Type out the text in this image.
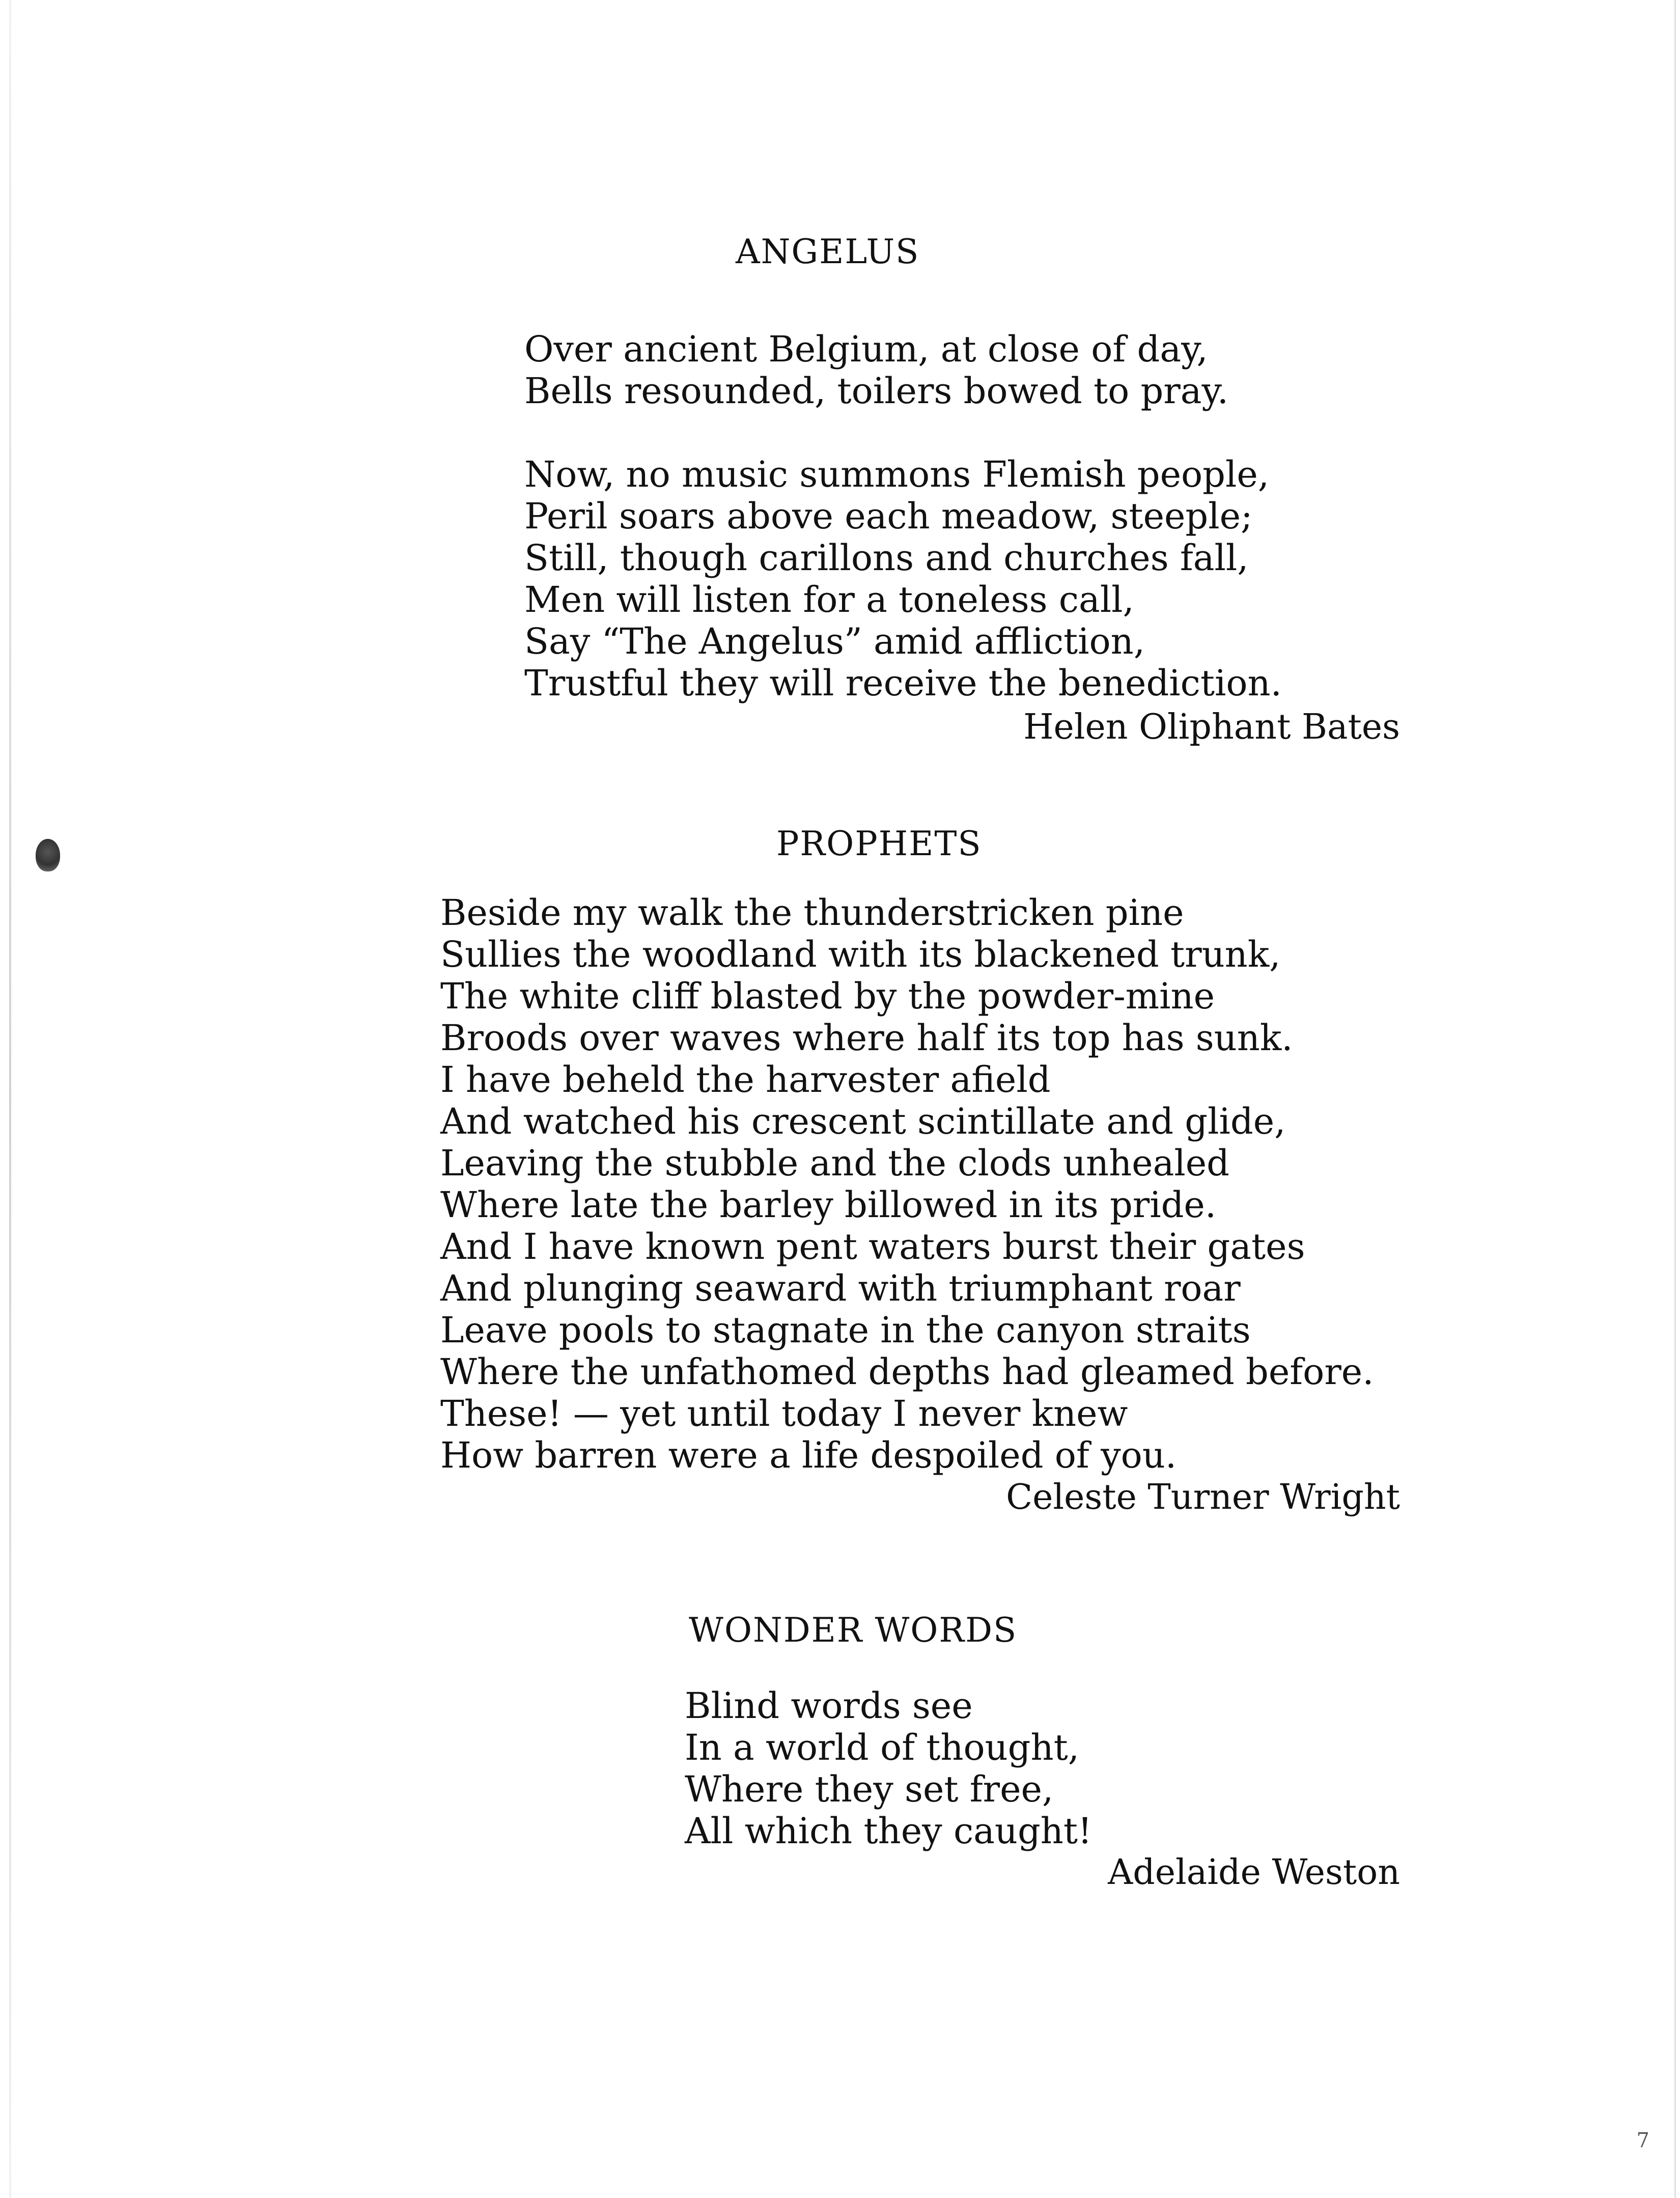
ANGELUS
Over ancient Belgium, at close of day,
Bells resounded, toilers bowed to pray.
Now, no music summons Flemish people,
Peril soars above each meadow, steeple;
Still, though carillons and churches fall,
Men will listen for a toneless call,
Say “The Angelus” amid affliction,
Trustful they will receive the benediction.
Helen Oliphant Bates
PROPHETS
Beside my walk the thunderstricken pine
Sullies the woodland with its blackened trunk,
The white cliff blasted by the powder-mine
Broods over waves where half its top has sunk.
I have beheld the harvester afield
And watched his crescent scintillate and glide,
Leaving the stubble and the clods unhealed
Where late the barley billowed in its pride.
And I have known pent waters burst their gates
And plunging seaward with triumphant roar
Leave pools to stagnate in the canyon straits
Where the unfathomed depths had gleamed before.
These! — yet until today I never knew
How barren were a life despoiled of you.
Celeste Turner Wright
WONDER WORDS
Blind words see
In a world of thought,
Where they set free,
All which they caught!
Adelaide Weston
7
